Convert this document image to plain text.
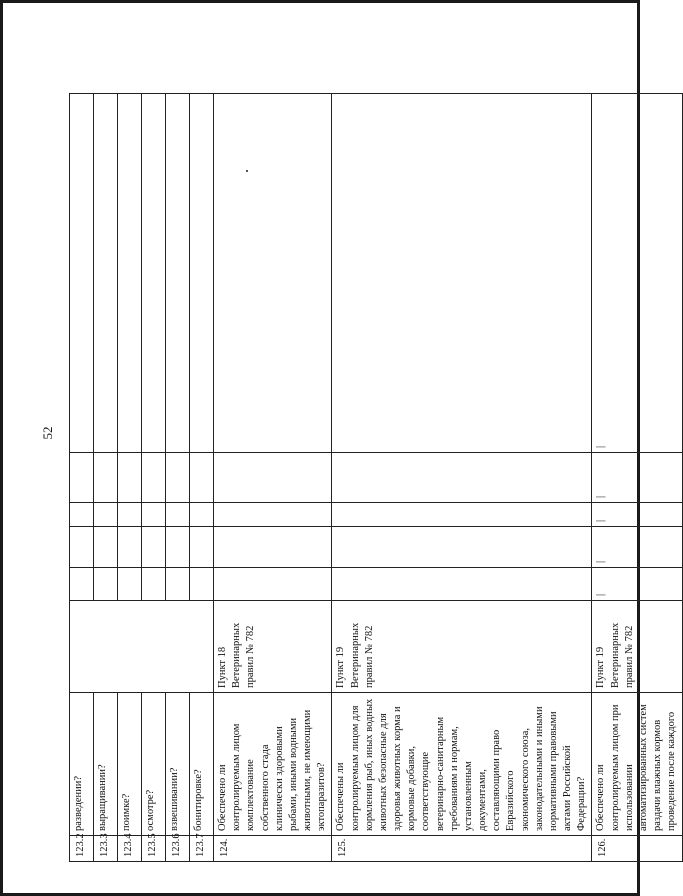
52
123.2	разведении?						
123.3	выращивании?						
123.4	поимке?						
123.5	осмотре?						
123.6	взвешивании?						
123.7	бонитировке?						
124.	Обеспечено ли контролируемым лицом комплектование собственного стада клинически здоровыми рыбами, иными водными животными, не имеющими эктопаразитов?	Пункт 18 Ветеринарных правил № 782					
125.	Обеспечены ли контролируемым лицом для кормления рыб, иных водных животных безопасные для здоровья животных корма и кормовые добавки, соответствующие ветеринарно-санитарным требованиям и нормам, установленным документами, составляющими право Евразийского экономического союза, законодательными и иными нормативными правовыми актами Российской Федерации?	Пункт 19 Ветеринарных правил № 782					
126.	Обеспечено ли контролируемым лицом при использовании автоматизированных систем раздачи влажных кормов проведение после каждого	Пункт 19 Ветеринарных правил № 782	|	|	|	|	|
